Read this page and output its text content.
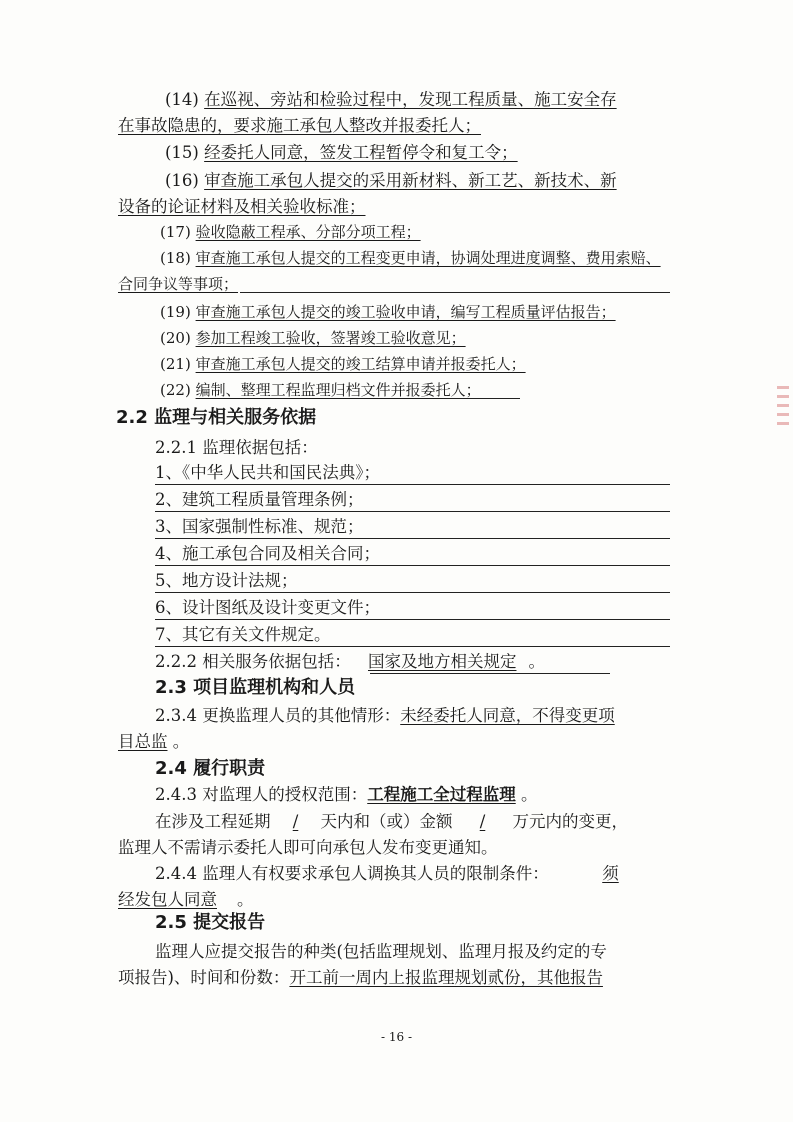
(14) 在巡视、旁站和检验过程中，发现工程质量、施工安全存
在事故隐患的，要求施工承包人整改并报委托人；
(15) 经委托人同意，签发工程暂停令和复工令；
(16) 审查施工承包人提交的采用新材料、新工艺、新技术、新
设备的论证材料及相关验收标准；
(17) 验收隐蔽工程承、分部分项工程；
(18) 审查施工承包人提交的工程变更申请，协调处理进度调整、费用索赔、
合同争议等事项；
(19) 审查施工承包人提交的竣工验收申请，编写工程质量评估报告；
(20) 参加工程竣工验收，签署竣工验收意见；
(21) 审查施工承包人提交的竣工结算申请并报委托人；
(22) 编制、整理工程监理归档文件并报委托人；
2.2 监理与相关服务依据
2.2.1 监理依据包括：
1、《中华人民共和国民法典》；
2、建筑工程质量管理条例；
3、国家强制性标准、规范；
4、施工承包合同及相关合同；
5、地方设计法规；
6、设计图纸及设计变更文件；
7、其它有关文件规定。
2.2.2 相关服务依据包括： 国家及地方相关规定 。
2.3 项目监理机构和人员
2.3.4 更换监理人员的其他情形：未经委托人同意，不得变更项
目总监 。
2.4 履行职责
2.4.3 对监理人的授权范围：工程施工全过程监理 。
在涉及工程延期 / 天内和（或）金额 / 万元内的变更，
监理人不需请示委托人即可向承包人发布变更通知。
2.4.4 监理人有权要求承包人调换其人员的限制条件：	须
经发包人同意 。
2.5 提交报告
监理人应提交报告的种类(包括监理规划、监理月报及约定的专
项报告)、时间和份数：开工前一周内上报监理规划贰份，其他报告
- 16 -
